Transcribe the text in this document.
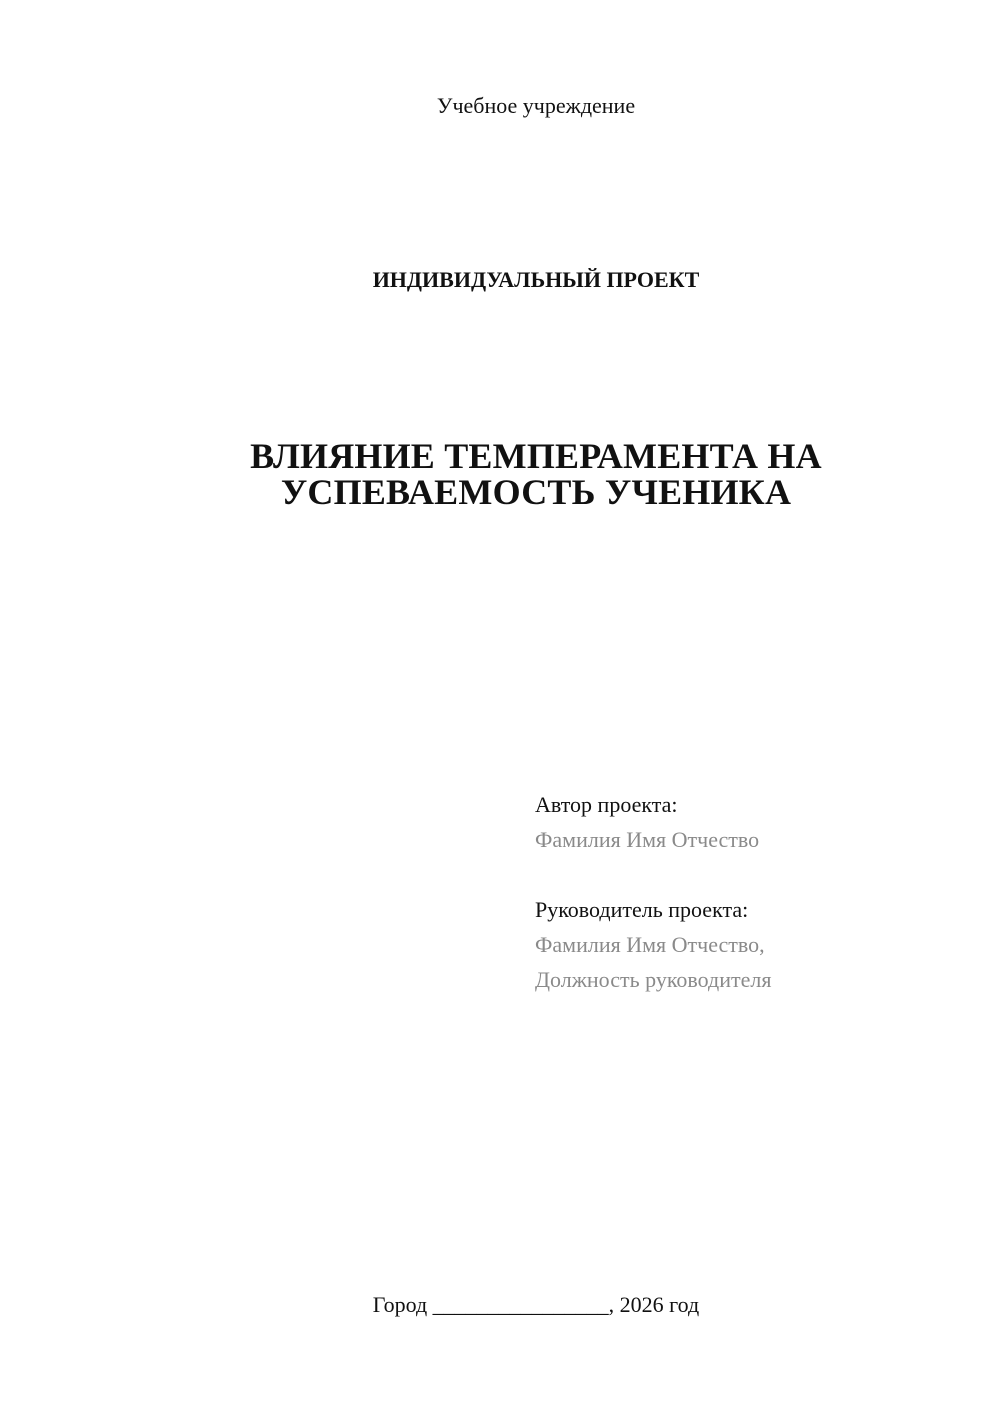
Учебное учреждение
ИНДИВИДУАЛЬНЫЙ ПРОЕКТ
ВЛИЯНИЕ ТЕМПЕРАМЕНТА НА
УСПЕВАЕМОСТЬ УЧЕНИКА
Автор проекта:
Фамилия Имя Отчество
Руководитель проекта:
Фамилия Имя Отчество,
Должность руководителя
Город ________________, 2026 год
